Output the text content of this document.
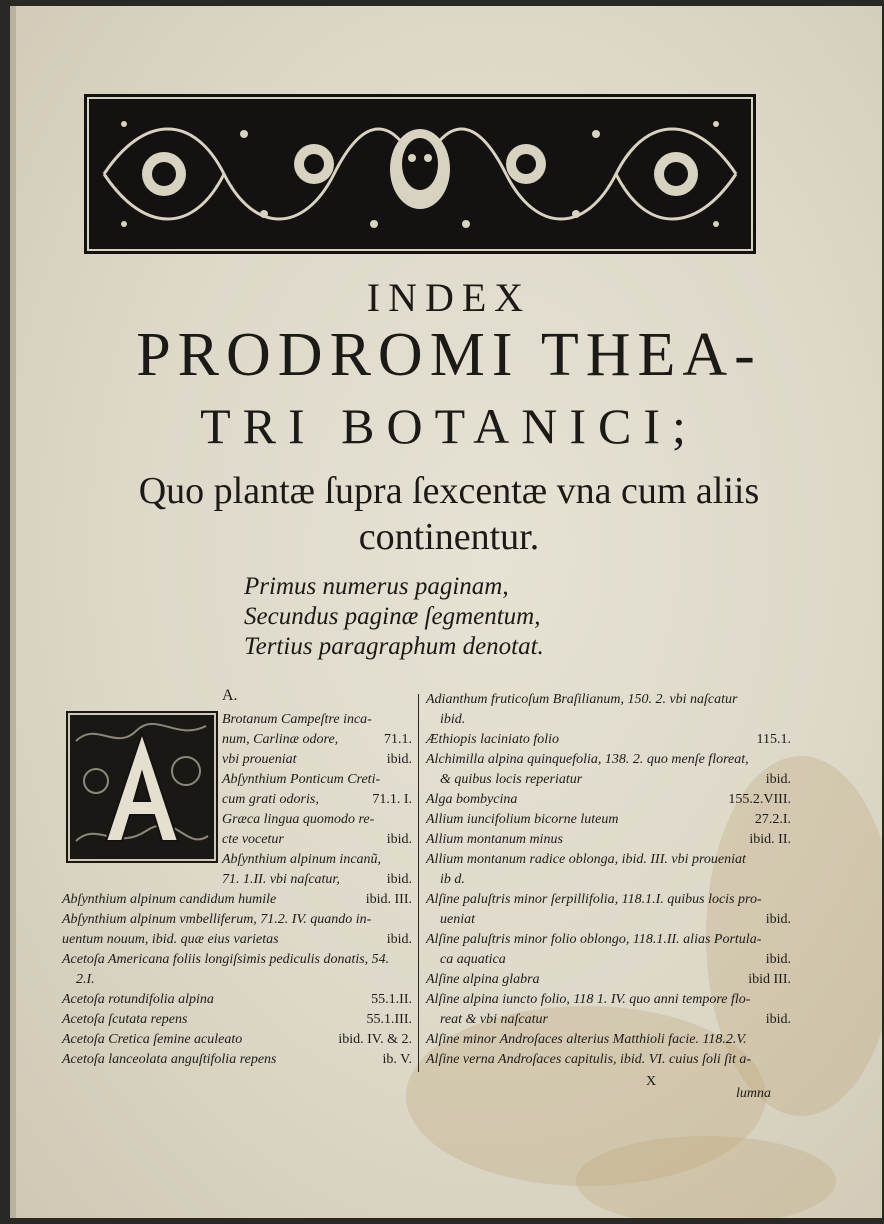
INDEX
PRODROMI THEA-
TRI BOTANICI;
Quo plantæ ſupra ſexcentæ vna cum aliis
continentur.
Primus numerus paginam,
Secundus paginæ ſegmentum,
Tertius paragraphum denotat.
A.
Brotanum Campeſtre inca-
num, Carlinæ odore,	71.1.
vbi proueniat	ibid.
Abſynthium Ponticum Creti-
cum grati odoris,	71.1. I.
Græca lingua quomodo re-
cte vocetur	ibid.
Abſynthium alpinum incanũ,
71. 1.II. vbi naſcatur,	ibid.
Abſynthium alpinum candidum humile	ibid. III.
Abſynthium alpinum vmbelliferum, 71.2. IV. quando in-
uentum nouum, ibid. quæ eius varietas	ibid.
Acetoſa Americana foliis longiſsimis pediculis donatis, 54.
2.I.
Acetoſa rotundifolia alpina	55.1.II.
Acetoſa ſcutata repens	55.1.III.
Acetoſa Cretica ſemine aculeato	ibid. IV. & 2.
Acetoſa lanceolata anguſtifolia repens	ib. V.
Adianthum fruticoſum Braſilianum, 150. 2. vbi naſcatur
ibid.
Æthiopis laciniato folio	115.1.
Alchimilla alpina quinquefolia, 138. 2. quo menſe floreat,
& quibus locis reperiatur	ibid.
Alga bombycina	155.2.VIII.
Allium iuncifolium bicorne luteum	27.2.I.
Allium montanum minus	ibid. II.
Allium montanum radice oblonga, ibid. III. vbi proueniat
ib d.
Alſine paluſtris minor ſerpillifolia, 118.1.I. quibus locis pro-
ueniat	ibid.
Alſine paluſtris minor folio oblongo, 118.1.II. alias Portula-
ca aquatica	ibid.
Alſine alpina glabra	ibid III.
Alſine alpina iuncto folio, 118 1. IV. quo anni tempore flo-
reat & vbi naſcatur	ibid.
Alſine minor Androſaces alterius Matthioli facie. 118.2.V.
Alſine verna Androſaces capitulis, ibid. VI. cuius ſoli ſit a-
X
lumna
